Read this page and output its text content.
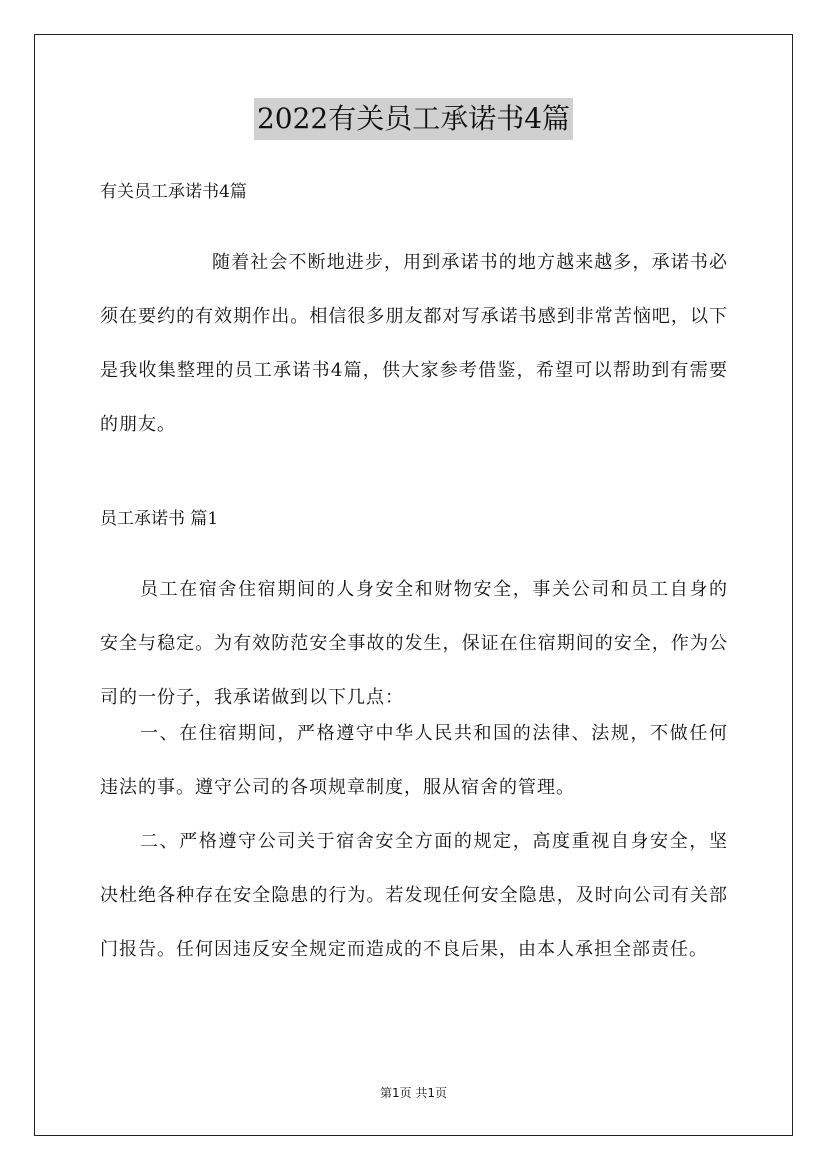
2022有关员工承诺书4篇

有关员工承诺书4篇

随着社会不断地进步，用到承诺书的地方越来越多，承诺书必须在要约的有效期作出。相信很多朋友都对写承诺书感到非常苦恼吧，以下是我收集整理的员工承诺书4篇，供大家参考借鉴，希望可以帮助到有需要的朋友。

员工承诺书 篇1

员工在宿舍住宿期间的人身安全和财物安全，事关公司和员工自身的安全与稳定。为有效防范安全事故的发生，保证在住宿期间的安全，作为公司的一份子，我承诺做到以下几点：

一、在住宿期间，严格遵守中华人民共和国的法律、法规，不做任何违法的事。遵守公司的各项规章制度，服从宿舍的管理。

二、严格遵守公司关于宿舍安全方面的规定，高度重视自身安全，坚决杜绝各种存在安全隐患的行为。若发现任何安全隐患，及时向公司有关部门报告。任何因违反安全规定而造成的不良后果，由本人承担全部责任。

第1页 共1页
